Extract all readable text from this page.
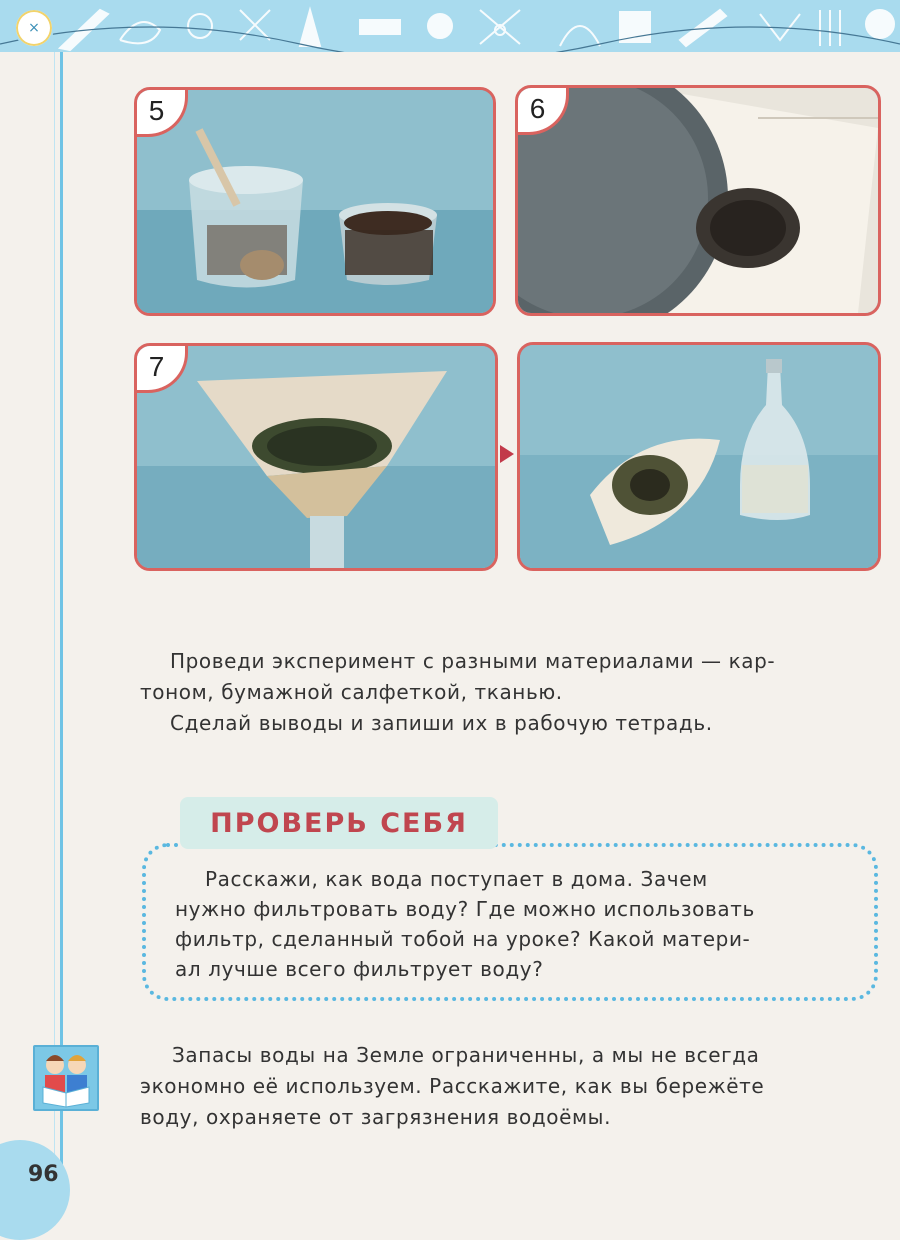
×
5	6
7
Проведи эксперимент с разными материалами — кар-
тоном, бумажной салфеткой, тканью.
Сделай выводы и запиши их в рабочую тетрадь.
ПРОВЕРЬ СЕБЯ
Расскажи, как вода поступает в дома. Зачем
нужно фильтровать воду? Где можно использовать
фильтр, сделанный тобой на уроке? Какой матери-
ал лучше всего фильтрует воду?
Запасы воды на Земле ограниченны, а мы не всегда
экономно её используем. Расскажите, как вы бережёте
воду, охраняете от загрязнения водоёмы.
96
